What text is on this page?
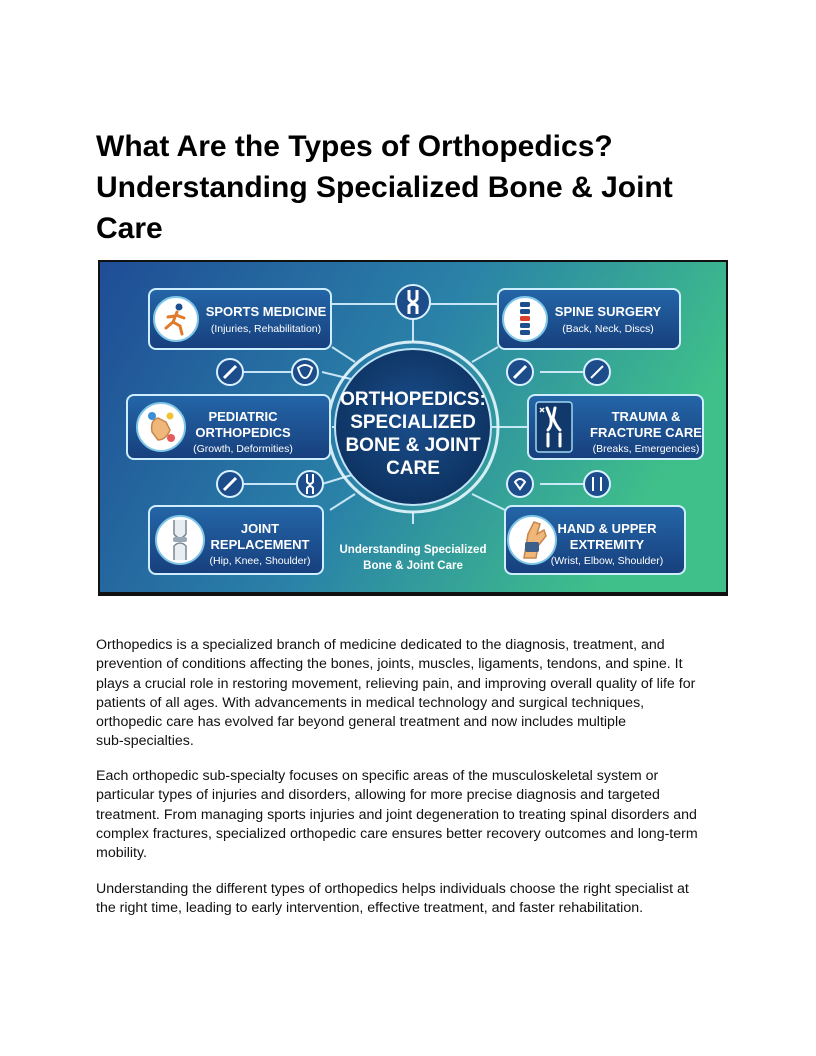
What Are the Types of Orthopedics?
Understanding Specialized Bone & Joint
Care
ORTHOPEDICS:
SPECIALIZED
BONE & JOINT
CARE
Understanding Specialized
Bone & Joint Care
SPORTS MEDICINE
(Injuries, Rehabilitation)
SPINE SURGERY
(Back, Neck, Discs)
PEDIATRIC
ORTHOPEDICS
(Growth, Deformities)
TRAUMA &
FRACTURE CARE
(Breaks, Emergencies)
JOINT
REPLACEMENT
(Hip, Knee, Shoulder)
HAND & UPPER
EXTREMITY
(Wrist, Elbow, Shoulder)
Orthopedics is a specialized branch of medicine dedicated to the diagnosis, treatment, and
prevention of conditions affecting the bones, joints, muscles, ligaments, tendons, and spine. It
plays a crucial role in restoring movement, relieving pain, and improving overall quality of life for
patients of all ages. With advancements in medical technology and surgical techniques,
orthopedic care has evolved far beyond general treatment and now includes multiple
sub-specialties.
Each orthopedic sub-specialty focuses on specific areas of the musculoskeletal system or
particular types of injuries and disorders, allowing for more precise diagnosis and targeted
treatment. From managing sports injuries and joint degeneration to treating spinal disorders and
complex fractures, specialized orthopedic care ensures better recovery outcomes and long-term
mobility.
Understanding the different types of orthopedics helps individuals choose the right specialist at
the right time, leading to early intervention, effective treatment, and faster rehabilitation.
